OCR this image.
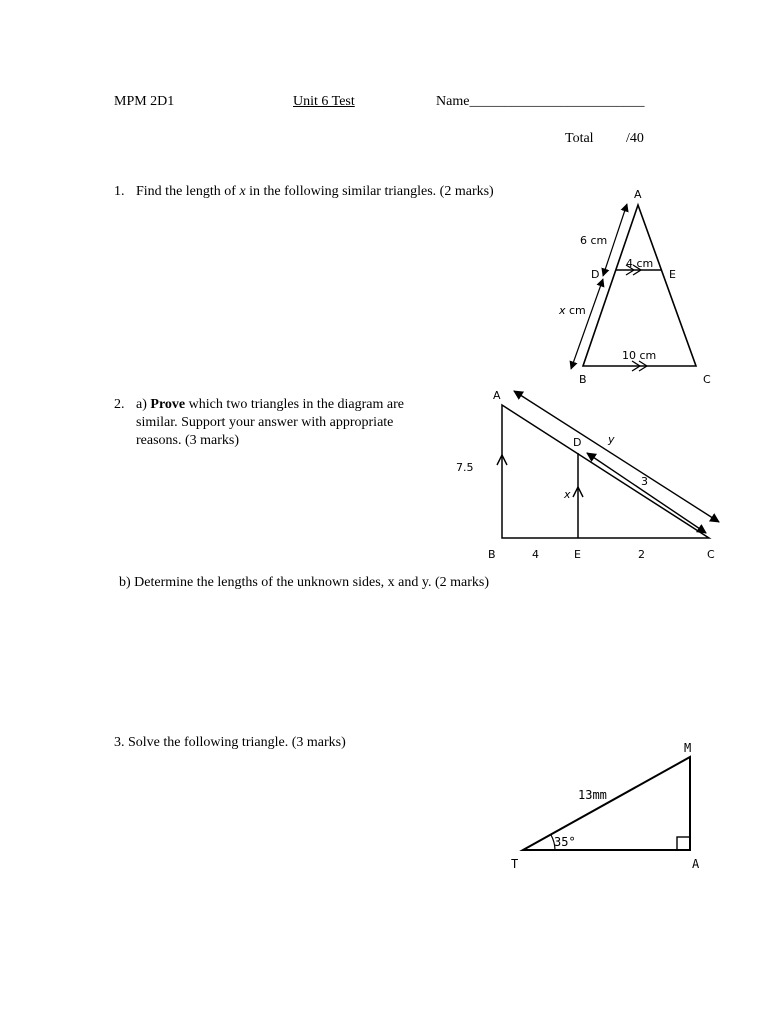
MPM 2D1	Unit 6 Test	Name_________________________
Total /40
1. Find the length of x in the following similar triangles. (2 marks)	A
6 cm
4 cm
D	E
x cm
10 cm
B	C
2. a) Prove which two triangles in the diagram are similar. Support your answer with appropriate reasons. (3 marks)
b) Determine the lengths of the unknown sides, x and y. (2 marks)
A
D y
7.5
3
x
B	4	E	2	C
3. Solve the following triangle. (3 marks)	M
13mm
35°
T	A
